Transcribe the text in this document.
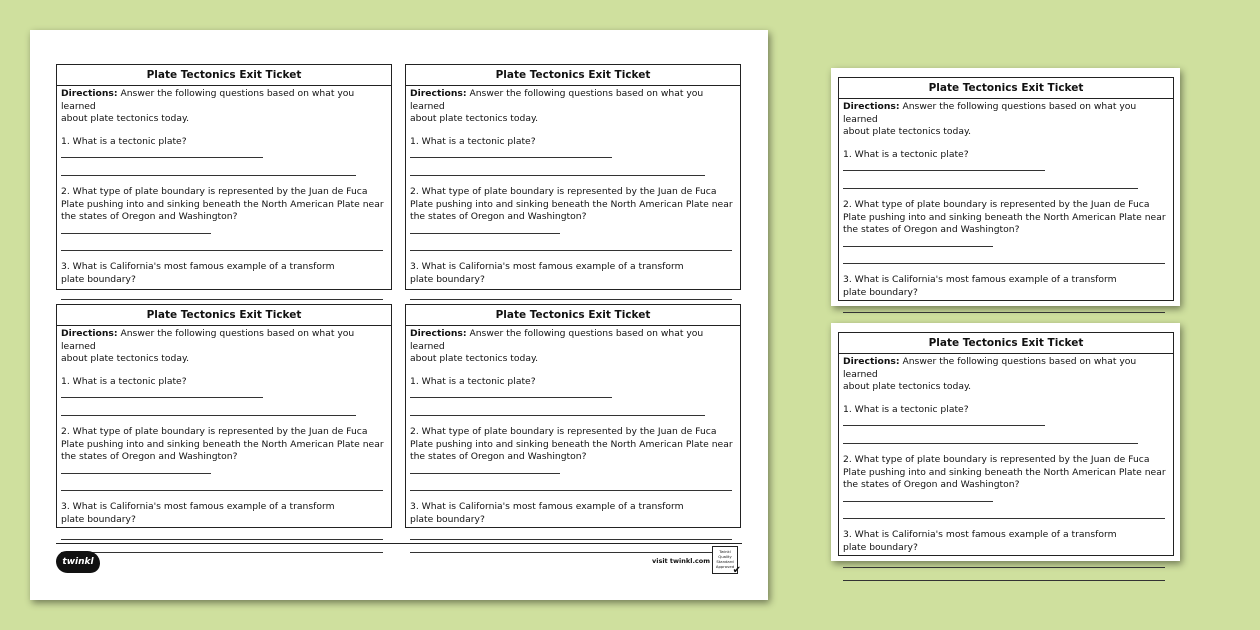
Plate Tectonics Exit Ticket
Directions: Answer the following questions based on what you learned
about plate tectonics today.
1. What is a tectonic plate?
2. What type of plate boundary is represented by the Juan de Fuca
Plate pushing into and sinking beneath the North American Plate near
the states of Oregon and Washington?
3. What is California's most famous example of a transform
plate boundary?
Plate Tectonics Exit Ticket
Directions: Answer the following questions based on what you learned
about plate tectonics today.
1. What is a tectonic plate?
2. What type of plate boundary is represented by the Juan de Fuca
Plate pushing into and sinking beneath the North American Plate near
the states of Oregon and Washington?
3. What is California's most famous example of a transform
plate boundary?
Plate Tectonics Exit Ticket
Directions: Answer the following questions based on what you learned
about plate tectonics today.
1. What is a tectonic plate?
2. What type of plate boundary is represented by the Juan de Fuca
Plate pushing into and sinking beneath the North American Plate near
the states of Oregon and Washington?
3. What is California's most famous example of a transform
plate boundary?
Plate Tectonics Exit Ticket
Directions: Answer the following questions based on what you learned
about plate tectonics today.
1. What is a tectonic plate?
2. What type of plate boundary is represented by the Juan de Fuca
Plate pushing into and sinking beneath the North American Plate near
the states of Oregon and Washington?
3. What is California's most famous example of a transform
plate boundary?
twinkl	visit twinkl.com
Twinkl
Quality Standard
Approved
✔
Plate Tectonics Exit Ticket
Directions: Answer the following questions based on what you learned
about plate tectonics today.
1. What is a tectonic plate?
2. What type of plate boundary is represented by the Juan de Fuca
Plate pushing into and sinking beneath the North American Plate near
the states of Oregon and Washington?
3. What is California's most famous example of a transform
plate boundary?
Plate Tectonics Exit Ticket
Directions: Answer the following questions based on what you learned
about plate tectonics today.
1. What is a tectonic plate?
2. What type of plate boundary is represented by the Juan de Fuca
Plate pushing into and sinking beneath the North American Plate near
the states of Oregon and Washington?
3. What is California's most famous example of a transform
plate boundary?
